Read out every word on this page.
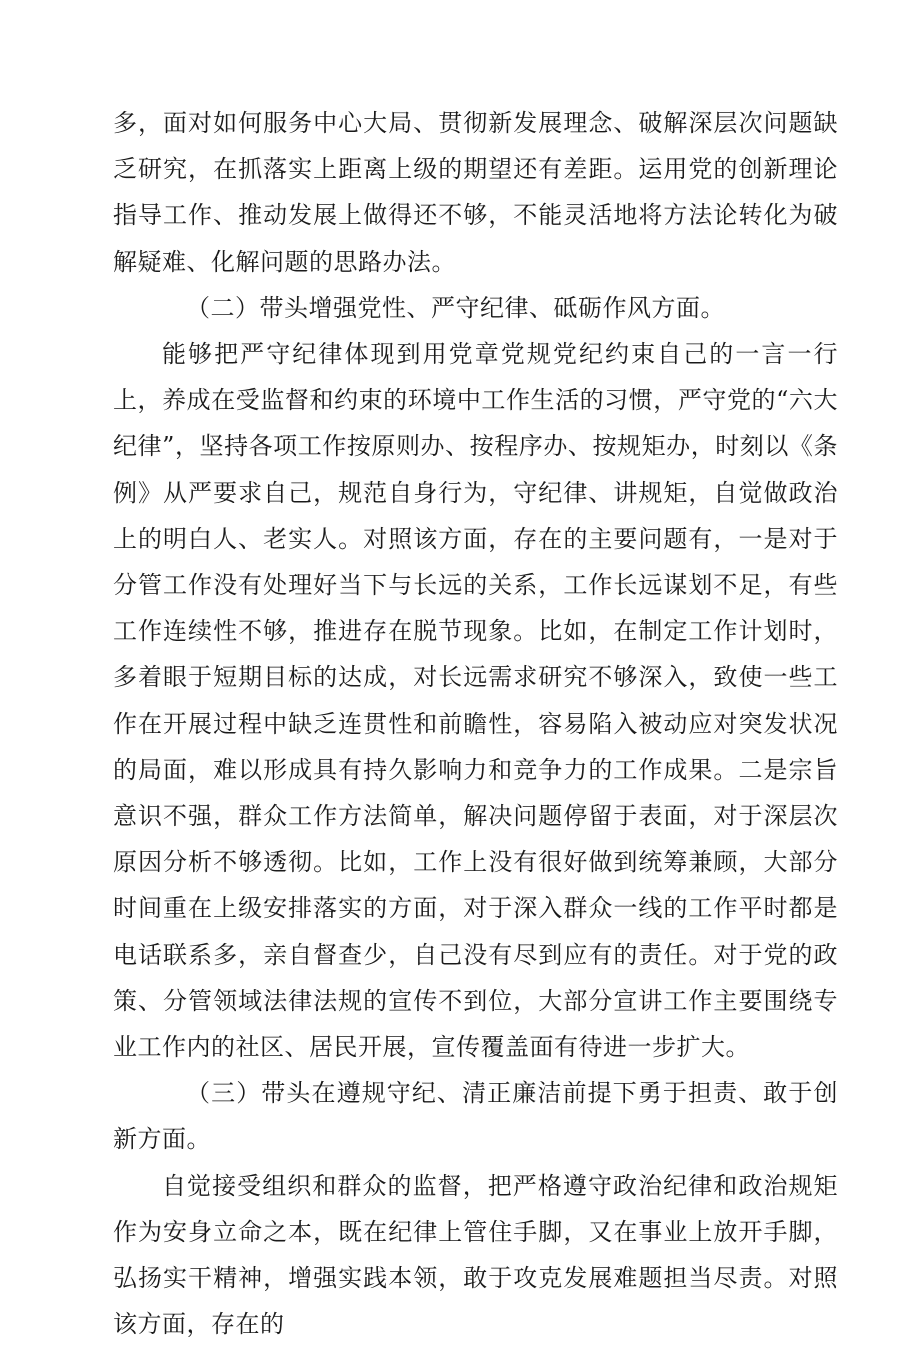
多，面对如何服务中心大局、贯彻新发展理念、破解深层次问题缺乏研究，在抓落实上距离上级的期望还有差距。运用党的创新理论指导工作、推动发展上做得还不够，不能灵活地将方法论转化为破解疑难、化解问题的思路办法。

（二）带头增强党性、严守纪律、砥砺作风方面。

能够把严守纪律体现到用党章党规党纪约束自己的一言一行上，养成在受监督和约束的环境中工作生活的习惯，严守党的“六大纪律”，坚持各项工作按原则办、按程序办、按规矩办，时刻以《条例》从严要求自己，规范自身行为，守纪律、讲规矩，自觉做政治上的明白人、老实人。对照该方面，存在的主要问题有，一是对于分管工作没有处理好当下与长远的关系，工作长远谋划不足，有些工作连续性不够，推进存在脱节现象。比如，在制定工作计划时，多着眼于短期目标的达成，对长远需求研究不够深入，致使一些工作在开展过程中缺乏连贯性和前瞻性，容易陷入被动应对突发状况的局面，难以形成具有持久影响力和竞争力的工作成果。二是宗旨意识不强，群众工作方法简单，解决问题停留于表面，对于深层次原因分析不够透彻。比如，工作上没有很好做到统筹兼顾，大部分时间重在上级安排落实的方面，对于深入群众一线的工作平时都是电话联系多，亲自督查少，自己没有尽到应有的责任。对于党的政策、分管领域法律法规的宣传不到位，大部分宣讲工作主要围绕专业工作内的社区、居民开展，宣传覆盖面有待进一步扩大。

（三）带头在遵规守纪、清正廉洁前提下勇于担责、敢于创新方面。

自觉接受组织和群众的监督，把严格遵守政治纪律和政治规矩作为安身立命之本，既在纪律上管住手脚，又在事业上放开手脚，弘扬实干精神，增强实践本领，敢于攻克发展难题担当尽责。对照该方面，存在的
